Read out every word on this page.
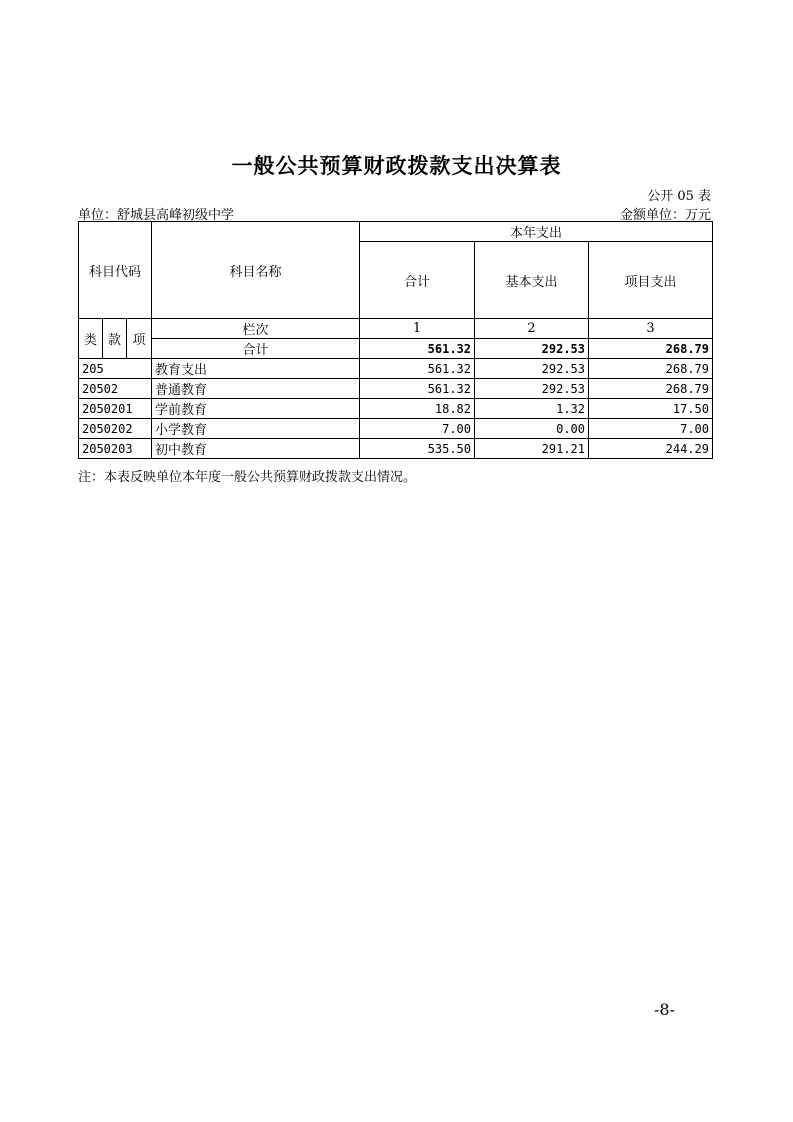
一般公共预算财政拨款支出决算表
公开 05 表
单位：舒城县高峰初级中学	金额单位：万元
科目代码			科目名称	本年支出		
				合计	基本支出	项目支出
类	款	项	栏次	1	2	3
			合计	561.32	292.53	268.79
205			教育支出	561.32	292.53	268.79
20502			普通教育	561.32	292.53	268.79
2050201			学前教育	18.82	1.32	17.50
2050202			小学教育	7.00	0.00	7.00
2050203			初中教育	535.50	291.21	244.29
注：本表反映单位本年度一般公共预算财政拨款支出情况。
-8-
